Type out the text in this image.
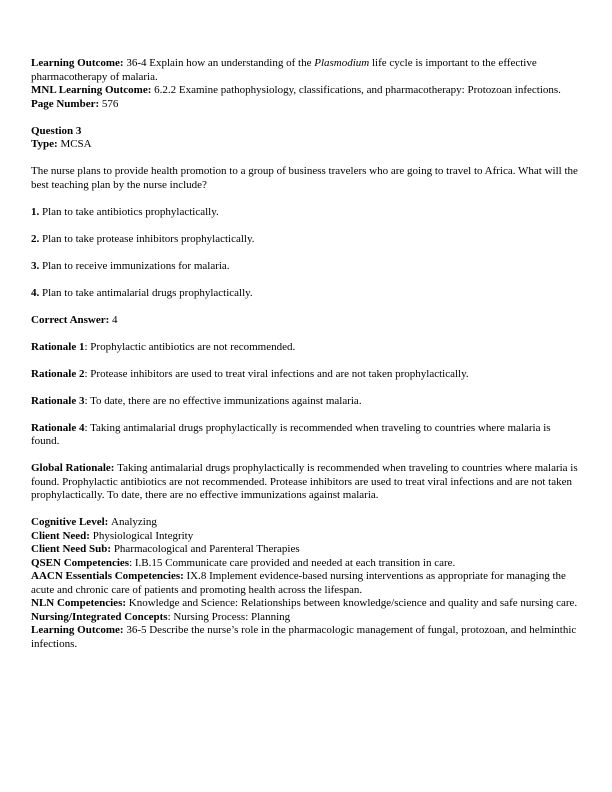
Learning Outcome: 36-4 Explain how an understanding of the Plasmodium life cycle is important to the effective pharmacotherapy of malaria.

MNL Learning Outcome: 6.2.2 Examine pathophysiology, classifications, and pharmacotherapy: Protozoan infections.

Page Number: 576

Question 3

Type: MCSA

The nurse plans to provide health promotion to a group of business travelers who are going to travel to Africa. What will the best teaching plan by the nurse include?

1. Plan to take antibiotics prophylactically.

2. Plan to take protease inhibitors prophylactically.

3. Plan to receive immunizations for malaria.

4. Plan to take antimalarial drugs prophylactically.

Correct Answer: 4

Rationale 1: Prophylactic antibiotics are not recommended.

Rationale 2: Protease inhibitors are used to treat viral infections and are not taken prophylactically.

Rationale 3: To date, there are no effective immunizations against malaria.

Rationale 4: Taking antimalarial drugs prophylactically is recommended when traveling to countries where malaria is found.

Global Rationale: Taking antimalarial drugs prophylactically is recommended when traveling to countries where malaria is found. Prophylactic antibiotics are not recommended. Protease inhibitors are used to treat viral infections and are not taken prophylactically. To date, there are no effective immunizations against malaria.

Cognitive Level: Analyzing

Client Need: Physiological Integrity

Client Need Sub: Pharmacological and Parenteral Therapies

QSEN Competencies: I.B.15 Communicate care provided and needed at each transition in care.

AACN Essentials Competencies: IX.8 Implement evidence-based nursing interventions as appropriate for managing the acute and chronic care of patients and promoting health across the lifespan.

NLN Competencies: Knowledge and Science: Relationships between knowledge/science and quality and safe nursing care.

Nursing/Integrated Concepts: Nursing Process: Planning

Learning Outcome: 36-5 Describe the nurse’s role in the pharmacologic management of fungal, protozoan, and helminthic infections.
